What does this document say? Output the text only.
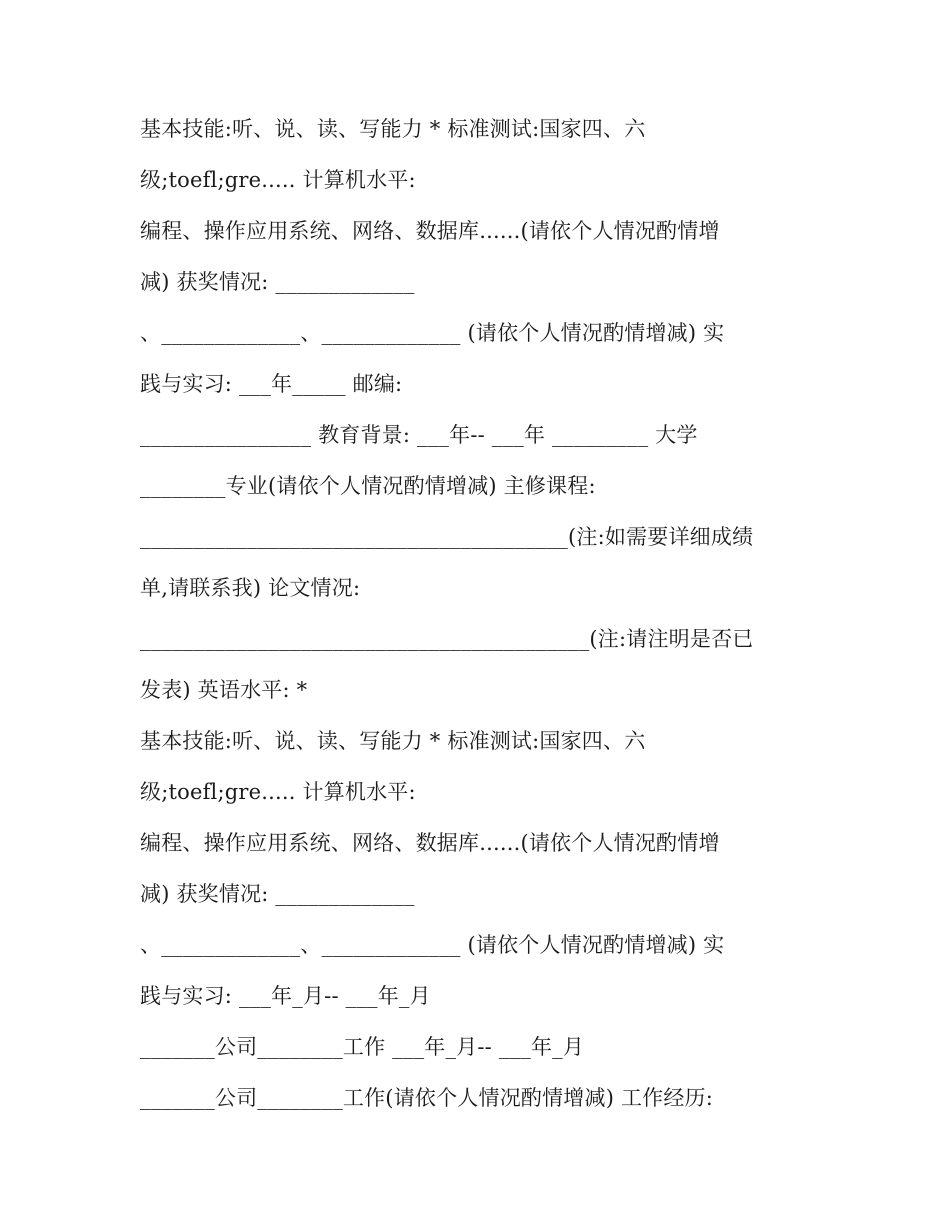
基本技能:听、说、读、写能力 * 标准测试:国家四、六
级;toefl;gre..... 计算机水平:
编程、操作应用系统、网络、数据库......(请依个人情况酌情增
减) 获奖情况: _____________
、_____________、_____________ (请依个人情况酌情增减) 实
践与实习: ___年_____ 邮编:
________________ 教育背景: ___年-- ___年 _________ 大学
________专业(请依个人情况酌情增减) 主修课程:
________________________________________(注:如需要详细成绩
单,请联系我) 论文情况:
__________________________________________(注:请注明是否已
发表) 英语水平: *
基本技能:听、说、读、写能力 * 标准测试:国家四、六
级;toefl;gre..... 计算机水平:
编程、操作应用系统、网络、数据库......(请依个人情况酌情增
减) 获奖情况: _____________
、_____________、_____________ (请依个人情况酌情增减) 实
践与实习: ___年_月-- ___年_月
_______公司________工作 ___年_月-- ___年_月
_______公司________工作(请依个人情况酌情增减) 工作经历:
